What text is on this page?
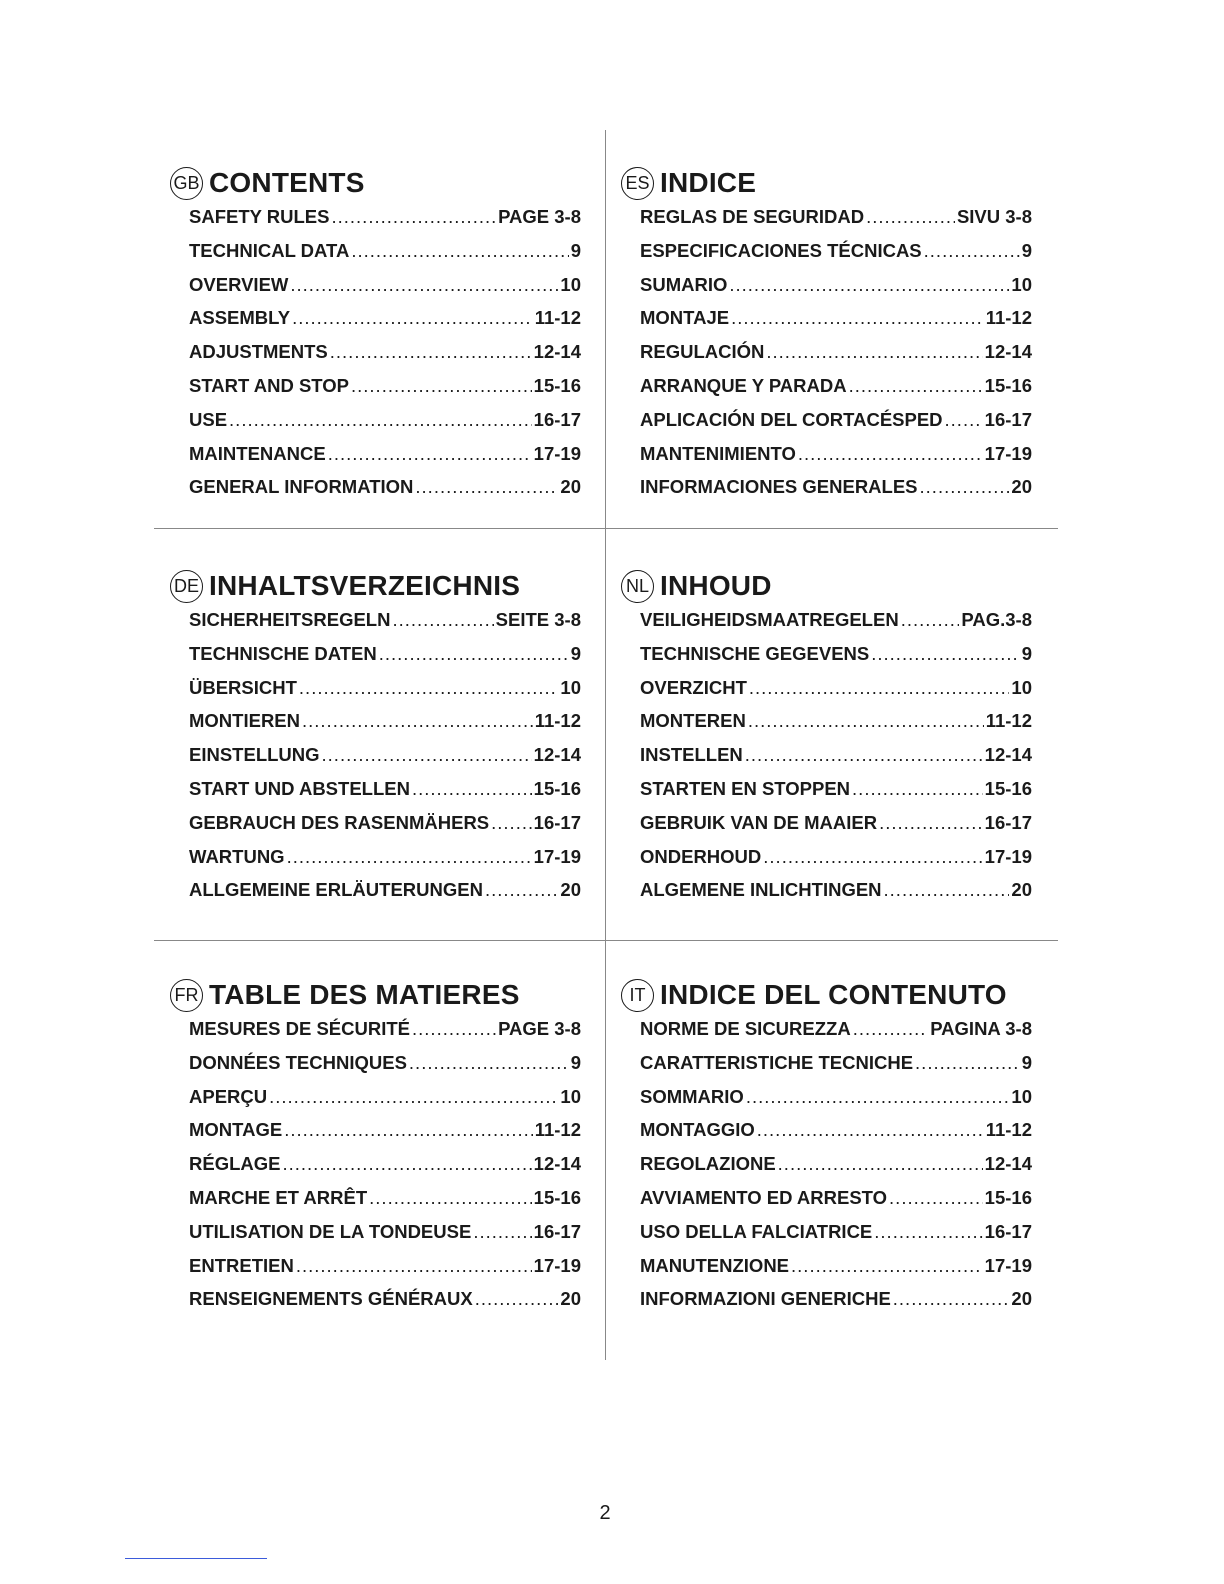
GB CONTENTS
SAFETY RULES .....	PAGE 3-8
TECHNICAL DATA .....	9
OVERVIEW .....	10
ASSEMBLY .....	11-12
ADJUSTMENTS .....	12-14
START AND STOP .....	15-16
USE .....	16-17
MAINTENANCE .....	17-19
GENERAL INFORMATION .....	20
ES INDICE
REGLAS DE SEGURIDAD .....	SIVU 3-8
ESPECIFICACIONES TÉCNICAS .....	9
SUMARIO .....	10
MONTAJE .....	11-12
REGULACIÓN .....	12-14
ARRANQUE Y PARADA .....	15-16
APLICACIÓN DEL CORTACÉSPED ..... 16-17
MANTENIMIENTO .....	17-19
INFORMACIONES GENERALES .....	20
DE INHALTSVERZEICHNIS
SICHERHEITSREGELN .....	SEITE 3-8
TECHNISCHE DATEN .....	9
ÜBERSICHT .....	10
MONTIEREN .....	11-12
EINSTELLUNG .....	12-14
START UND ABSTELLEN .....	15-16
GEBRAUCH DES RASENMÄHERS ..... 16-17
WARTUNG .....	17-19
ALLGEMEINE ERLÄUTERUNGEN .....	20
NL INHOUD
VEILIGHEIDSMAATREGELEN .....	PAG.3-8
TECHNISCHE GEGEVENS .....	9
OVERZICHT .....	10
MONTEREN .....	11-12
INSTELLEN .....	12-14
STARTEN EN STOPPEN .....	15-16
GEBRUIK VAN DE MAAIER .....	16-17
ONDERHOUD .....	17-19
ALGEMENE INLICHTINGEN .....	20
FR TABLE DES MATIERES
MESURES DE SÉCURITÉ .....	PAGE 3-8
DONNÉES TECHNIQUES .....	9
APERÇU .....	10
MONTAGE .....	11-12
RÉGLAGE .....	12-14
MARCHE ET ARRÊT .....	15-16
UTILISATION DE LA TONDEUSE .....	16-17
ENTRETIEN .....	17-19
RENSEIGNEMENTS GÉNÉRAUX .....	20
IT INDICE DEL CONTENUTO
NORME DE SICUREZZA .....	PAGINA 3-8
CARATTERISTICHE TECNICHE .....	9
SOMMARIO .....	10
MONTAGGIO .....	11-12
REGOLAZIONE .....	12-14
AVVIAMENTO ED ARRESTO .....	15-16
USO DELLA FALCIATRICE .....	16-17
MANUTENZIONE .....	17-19
INFORMAZIONI GENERICHE .....	20
2
